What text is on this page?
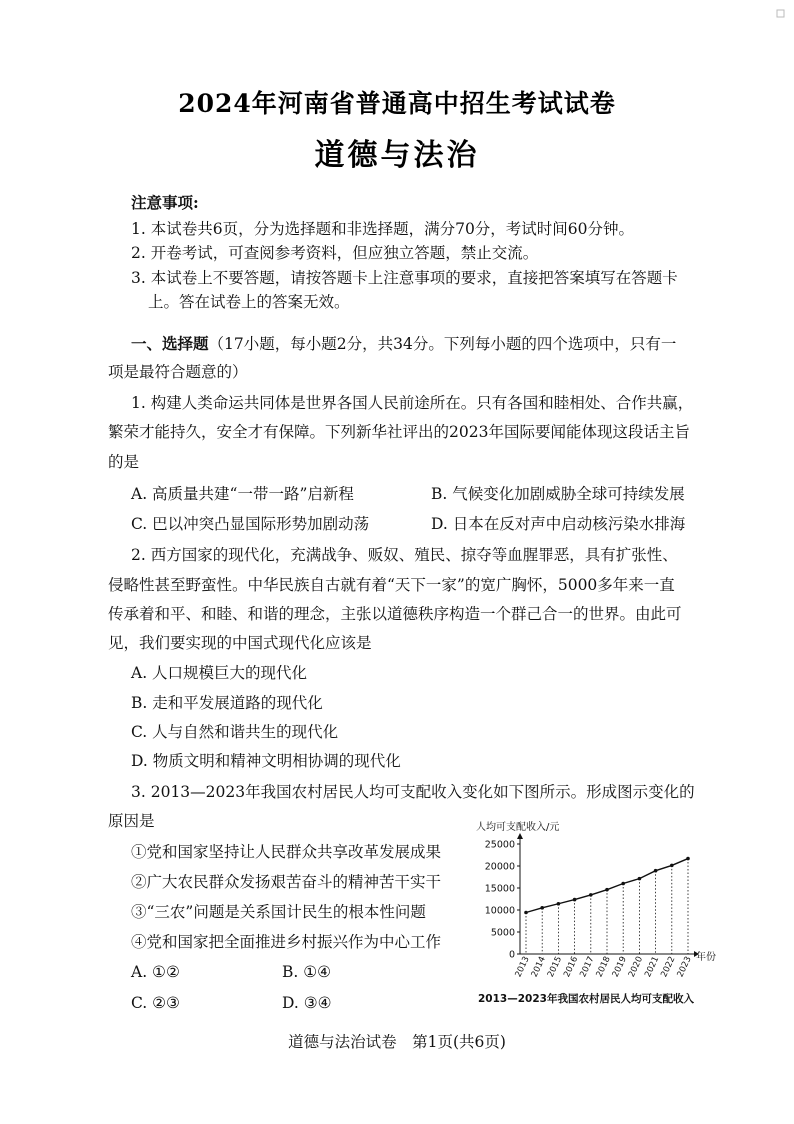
2024年河南省普通高中招生考试试卷
道德与法治
注意事项:
1. 本试卷共6页，分为选择题和非选择题，满分70分，考试时间60分钟。
2. 开卷考试，可查阅参考资料，但应独立答题，禁止交流。
3. 本试卷上不要答题，请按答题卡上注意事项的要求，直接把答案填写在答题卡
上。答在试卷上的答案无效。
一、选择题（17小题，每小题2分，共34分。下列每小题的四个选项中，只有一
项是最符合题意的）
1. 构建人类命运共同体是世界各国人民前途所在。只有各国和睦相处、合作共赢，
繁荣才能持久，安全才有保障。下列新华社评出的2023年国际要闻能体现这段话主旨
的是
A. 高质量共建“一带一路”启新程	B. 气候变化加剧威胁全球可持续发展
C. 巴以冲突凸显国际形势加剧动荡	D. 日本在反对声中启动核污染水排海
2. 西方国家的现代化，充满战争、贩奴、殖民、掠夺等血腥罪恶，具有扩张性、
侵略性甚至野蛮性。中华民族自古就有着“天下一家”的宽广胸怀，5000多年来一直
传承着和平、和睦、和谐的理念，主张以道德秩序构造一个群己合一的世界。由此可
见，我们要实现的中国式现代化应该是
A. 人口规模巨大的现代化
B. 走和平发展道路的现代化
C. 人与自然和谐共生的现代化
D. 物质文明和精神文明相协调的现代化
3. 2013—2023年我国农村居民人均可支配收入变化如下图所示。形成图示变化的
原因是
①党和国家坚持让人民群众共享改革发展成果
②广大农民群众发扬艰苦奋斗的精神苦干实干
③“三农”问题是关系国计民生的根本性问题
④党和国家把全面推进乡村振兴作为中心工作
A. ①②	B. ①④
C. ②③	D. ③④
人均可支配收入/元
0
5000
10000
15000
20000
25000
2013
2014
2015
2016
2017
2018
2019
2020
2021
2022
2023 年份
2013—2023年我国农村居民人均可支配收入
道德与法治试卷　第1页(共6页)
